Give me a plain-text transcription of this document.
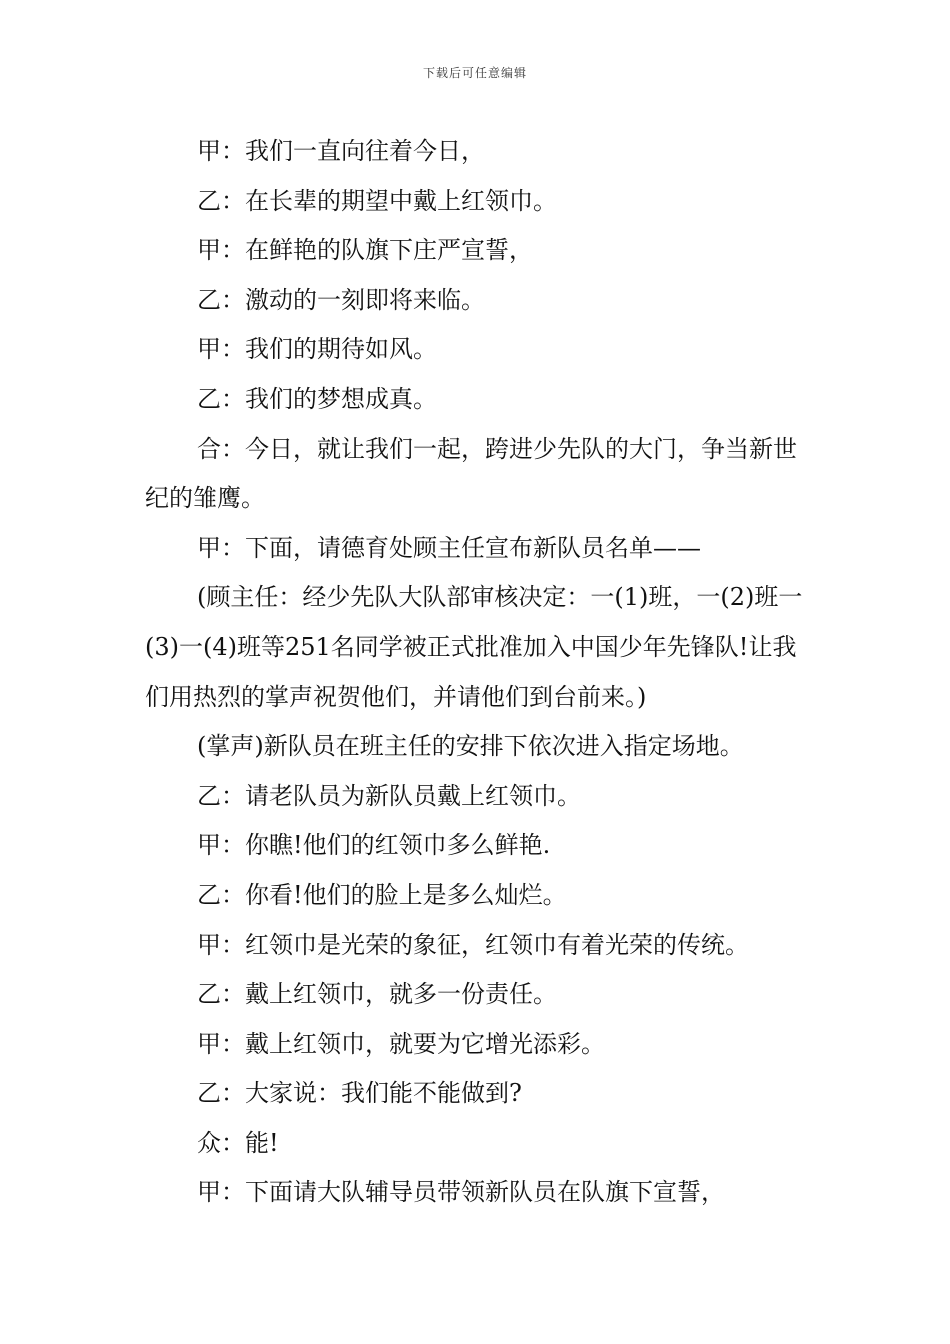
下载后可任意编辑

甲：我们一直向往着今日，

乙：在长辈的期望中戴上红领巾。

甲：在鲜艳的队旗下庄严宣誓，

乙：激动的一刻即将来临。

甲：我们的期待如风。

乙：我们的梦想成真。

合：今日，就让我们一起，跨进少先队的大门，争当新世纪的雏鹰。

甲：下面，请德育处顾主任宣布新队员名单——

(顾主任：经少先队大队部审核决定：一(1)班，一(2)班一(3)一(4)班等251名同学被正式批准加入中国少年先锋队!让我们用热烈的掌声祝贺他们，并请他们到台前来。)

(掌声)新队员在班主任的安排下依次进入指定场地。

乙：请老队员为新队员戴上红领巾。

甲：你瞧!他们的红领巾多么鲜艳.

乙：你看!他们的脸上是多么灿烂。

甲：红领巾是光荣的象征，红领巾有着光荣的传统。

乙：戴上红领巾，就多一份责任。

甲：戴上红领巾，就要为它增光添彩。

乙：大家说：我们能不能做到?

众：能!

甲：下面请大队辅导员带领新队员在队旗下宣誓，
